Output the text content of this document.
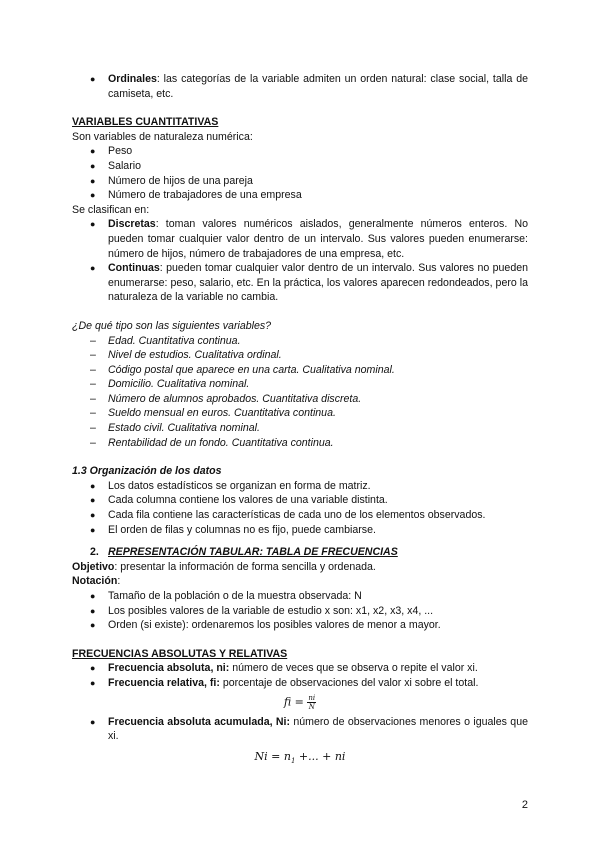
● Ordinales: las categorías de la variable admiten un orden natural: clase social, talla de camiseta, etc.

VARIABLES CUANTITATIVAS

Son variables de naturaleza numérica:

● Peso
● Salario
● Número de hijos de una pareja
● Número de trabajadores de una empresa

Se clasifican en:

● Discretas: toman valores numéricos aislados, generalmente números enteros. No pueden tomar cualquier valor dentro de un intervalo. Sus valores pueden enumerarse: número de hijos, número de trabajadores de una empresa, etc.
● Continuas: pueden tomar cualquier valor dentro de un intervalo. Sus valores no pueden enumerarse: peso, salario, etc. En la práctica, los valores aparecen redondeados, pero la naturaleza de la variable no cambia.

¿De qué tipo son las siguientes variables?

– Edad. Cuantitativa continua.
– Nivel de estudios. Cualitativa ordinal.
– Código postal que aparece en una carta. Cualitativa nominal.
– Domicilio. Cualitativa nominal.
– Número de alumnos aprobados. Cuantitativa discreta.
– Sueldo mensual en euros. Cuantitativa continua.
– Estado civil. Cualitativa nominal.
– Rentabilidad de un fondo. Cuantitativa continua.

1.3 Organización de los datos

● Los datos estadísticos se organizan en forma de matriz.
● Cada columna contiene los valores de una variable distinta.
● Cada fila contiene las características de cada uno de los elementos observados.
● El orden de filas y columnas no es fijo, puede cambiarse.
2. REPRESENTACIÓN TABULAR: TABLA DE FRECUENCIAS

Objetivo: presentar la información de forma sencilla y ordenada.

Notación:

● Tamaño de la población o de la muestra observada: N
● Los posibles valores de la variable de estudio x son: x1, x2, x3, x4, ...
● Orden (si existe): ordenaremos los posibles valores de menor a mayor.

FRECUENCIAS ABSOLUTAS Y RELATIVAS

● Frecuencia absoluta, ni: número de veces que se observa o repite el valor xi.
● Frecuencia relativa, fi: porcentaje de observaciones del valor xi sobre el total.
fi = $\frac{ni}{N}$
● Frecuencia absoluta acumulada, Ni: número de observaciones menores o iguales que xi.
$Ni = n_1$ +... + ni
2
